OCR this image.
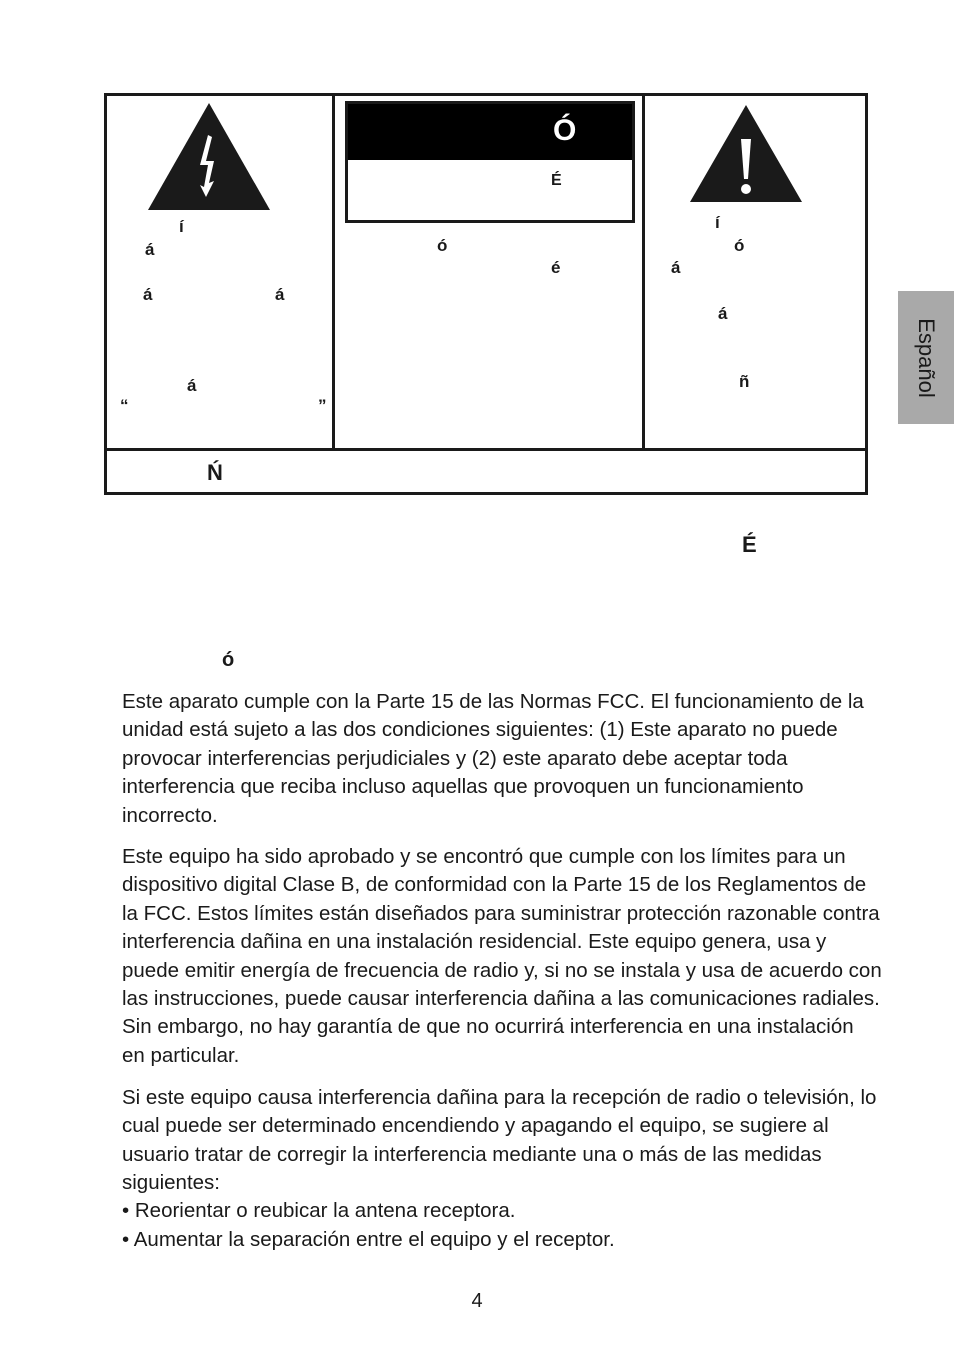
í
á
á	á
á
“	”
Ó
É
ó
é
í
ó
á
á
ñ
Ń
É
ó
Español

Este aparato cumple con la Parte 15 de las Normas FCC. El funcionamiento de la unidad está sujeto a las dos condiciones siguientes: (1) Este aparato no puede provocar interferencias perjudiciales y (2) este aparato debe aceptar toda interferencia que reciba incluso aquellas que provoquen un funcionamiento incorrecto.

Este equipo ha sido aprobado y se encontró que cumple con los límites para un dispositivo digital Clase B, de conformidad con la Parte 15 de los Reglamentos de la FCC. Estos límites están diseñados para suministrar protección razonable contra interferencia dañina en una instalación residencial. Este equipo genera, usa y puede emitir energía de frecuencia de radio y, si no se instala y usa de acuerdo con las instrucciones, puede causar interferencia dañina a las comunicaciones radiales. Sin embargo, no hay garantía de que no ocurrirá interferencia en una instalación en particular.

Si este equipo causa interferencia dañina para la recepción de radio o televisión, lo cual puede ser determinado encendiendo y apagando el equipo, se sugiere al usuario tratar de corregir la interferencia mediante una o más de las medidas siguientes:

• Reorientar o reubicar la antena receptora.
• Aumentar la separación entre el equipo y el receptor.
4
